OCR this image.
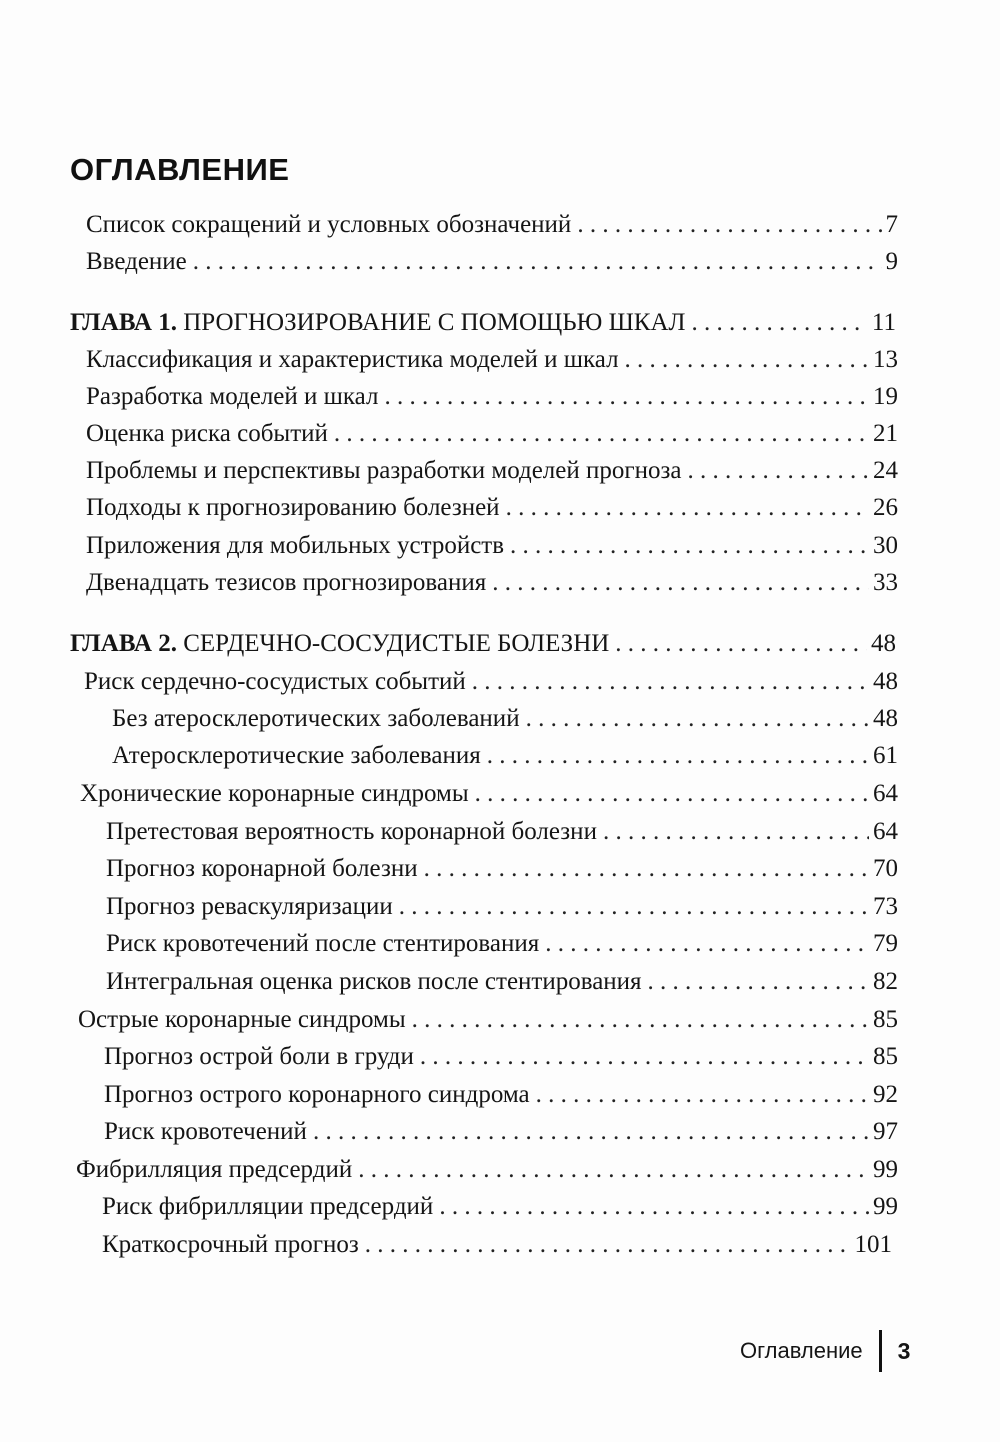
ОГЛАВЛЕНИЕ
Список сокращений и условных обозначений . . .	7
Введение . . .	9
ГЛАВА 1. ПРОГНОЗИРОВАНИЕ С ПОМОЩЬЮ ШКАЛ . . .	11
Классификация и характеристика моделей и шкал . . .	13
Разработка моделей и шкал . . .	19
Оценка риска событий . . .	21
Проблемы и перспективы разработки моделей прогноза . . .	24
Подходы к прогнозированию болезней . . .	26
Приложения для мобильных устройств . . .	30
Двенадцать тезисов прогнозирования . . .	33
ГЛАВА 2. СЕРДЕЧНО-СОСУДИСТЫЕ БОЛЕЗНИ . . .	48
Риск сердечно-сосудистых событий . . .	48
Без атеросклеротических заболеваний . . .	48
Атеросклеротические заболевания . . .	61
Хронические коронарные синдромы . . .	64
Претестовая вероятность коронарной болезни . . .	64
Прогноз коронарной болезни . . .	70
Прогноз реваскуляризации . . .	73
Риск кровотечений после стентирования . . .	79
Интегральная оценка рисков после стентирования . . .	82
Острые коронарные синдромы . . .	85
Прогноз острой боли в груди . . .	85
Прогноз острого коронарного синдрома . . .	92
Риск кровотечений . . .	97
Фибрилляция предсердий . . .	99
Риск фибрилляции предсердий . . .	99
Краткосрочный прогноз . . .	101
Оглавление 3
